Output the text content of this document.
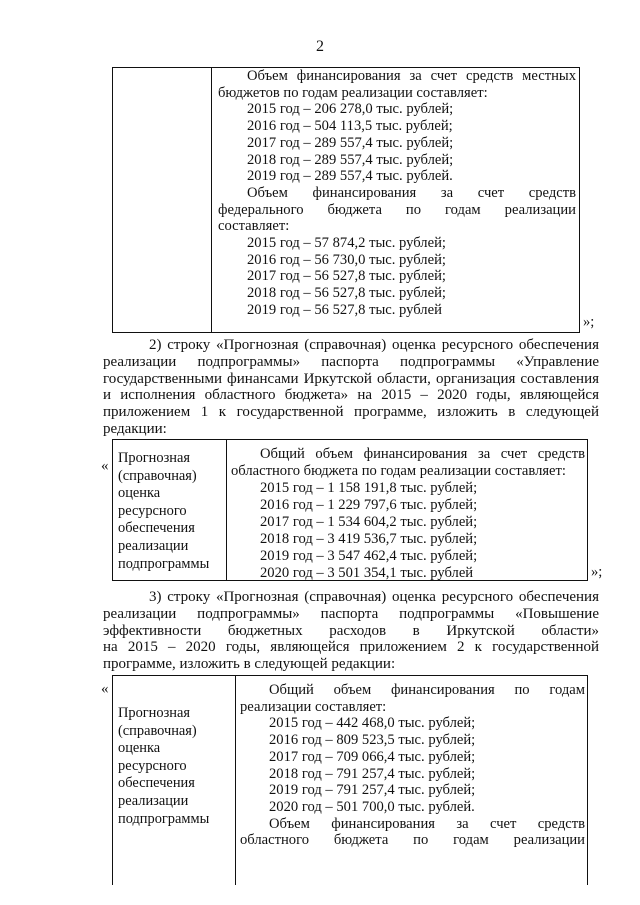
2
Объем финансирования за счет средств местных
бюджетов по годам реализации составляет:
2015 год – 206 278,0 тыс. рублей;
2016 год – 504 113,5 тыс. рублей;
2017 год – 289 557,4 тыс. рублей;
2018 год – 289 557,4 тыс. рублей;
2019 год – 289 557,4 тыс. рублей.
Объем финансирования за счет средств
федерального бюджета по годам реализации
составляет:
2015 год – 57 874,2 тыс. рублей;
2016 год – 56 730,0 тыс. рублей;
2017 год – 56 527,8 тыс. рублей;
2018 год – 56 527,8 тыс. рублей;
2019 год – 56 527,8 тыс. рублей
»;
2) строку «Прогнозная (справочная) оценка ресурсного обеспечения
реализации подпрограммы» паспорта подпрограммы «Управление
государственными финансами Иркутской области, организация составления
и исполнения областного бюджета» на 2015 – 2020 годы, являющейся
приложением 1 к государственной программе, изложить в следующей
редакции:
« Прогнозная
(справочная)
оценка
ресурсного
обеспечения
реализации
подпрограммы
Общий объем финансирования за счет средств
областного бюджета по годам реализации составляет:
2015 год – 1 158 191,8 тыс. рублей;
2016 год – 1 229 797,6 тыс. рублей;
2017 год – 1 534 604,2 тыс. рублей;
2018 год – 3 419 536,7 тыс. рублей;
2019 год – 3 547 462,4 тыс. рублей;
2020 год – 3 501 354,1 тыс. рублей	»;
3) строку «Прогнозная (справочная) оценка ресурсного обеспечения
реализации подпрограммы» паспорта подпрограммы «Повышение
эффективности бюджетных расходов в Иркутской области»
на 2015 – 2020 годы, являющейся приложением 2 к государственной
программе, изложить в следующей редакции:
«
Прогнозная
(справочная)
оценка
ресурсного
обеспечения
реализации
подпрограммы
Общий объем финансирования по годам
реализации составляет:
2015 год – 442 468,0 тыс. рублей;
2016 год – 809 523,5 тыс. рублей;
2017 год – 709 066,4 тыс. рублей;
2018 год – 791 257,4 тыс. рублей;
2019 год – 791 257,4 тыс. рублей;
2020 год – 501 700,0 тыс. рублей.
Объем финансирования за счет средств
областного бюджета по годам реализации
